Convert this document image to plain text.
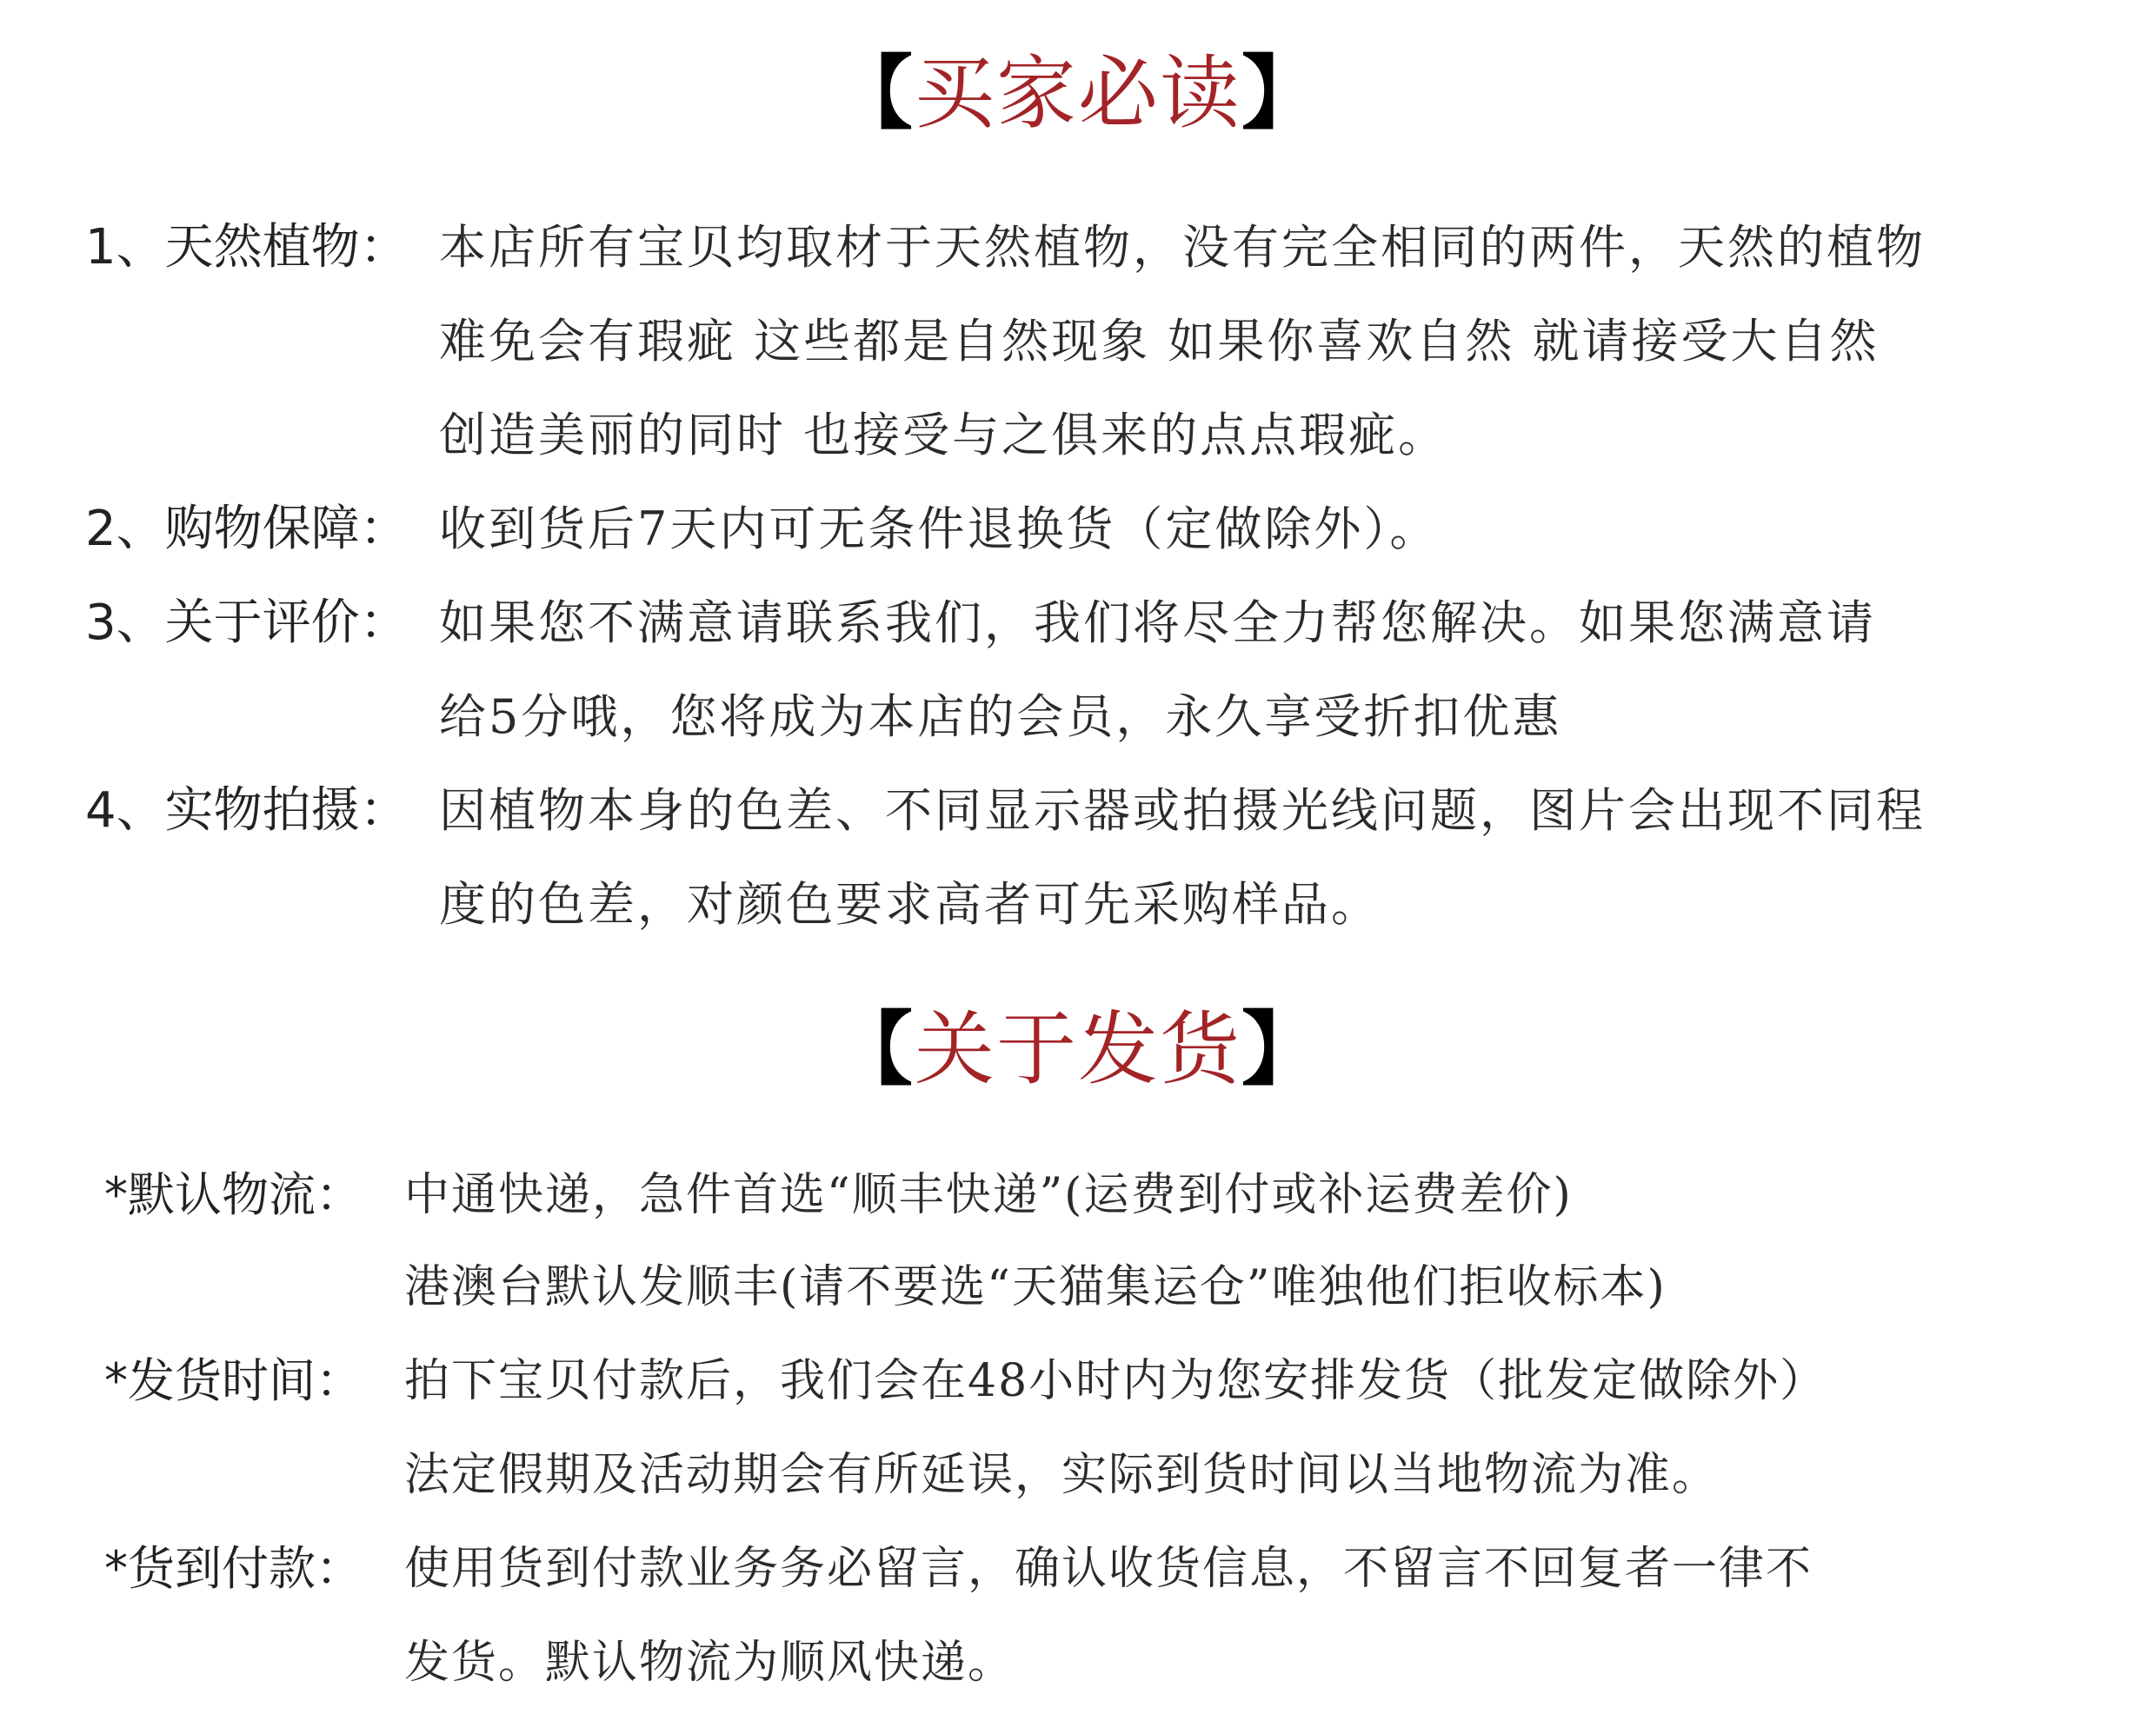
【买家必读】
1、天然植物： 本店所有宝贝均取材于天然植物，没有完全相同的两件，天然的植物
难免会有瑕疵 这些都是自然现象 如果你喜欢自然 就请接受大自然
创造美丽的同时 也接受与之俱来的点点瑕疵。
2、购物保障： 收到货后7天内可无条件退换货（定做除外）。
3、关于评价： 如果您不满意请联系我们，我们将尽全力帮您解决。如果您满意请
给5分哦，您将成为本店的会员，永久享受折扣优惠
4、实物拍摄： 因植物本身的色差、不同显示器或拍摄光线问题，图片会出现不同程
度的色差，对颜色要求高者可先采购样品。
【关于发货】
*默认物流： 中通快递，急件首选“顺丰快递”(运费到付或补运费差价)
港澳台默认发顺丰(请不要选“天猫集运仓”唯独他们拒收标本)
*发货时间： 拍下宝贝付款后，我们会在48小时内为您安排发货（批发定做除外）
法定假期及活动期会有所延误，实际到货时间以当地物流为准。
*货到付款： 使用货到付款业务务必留言，确认收货信息，不留言不回复者一律不
发货。默认物流为顺风快递。
